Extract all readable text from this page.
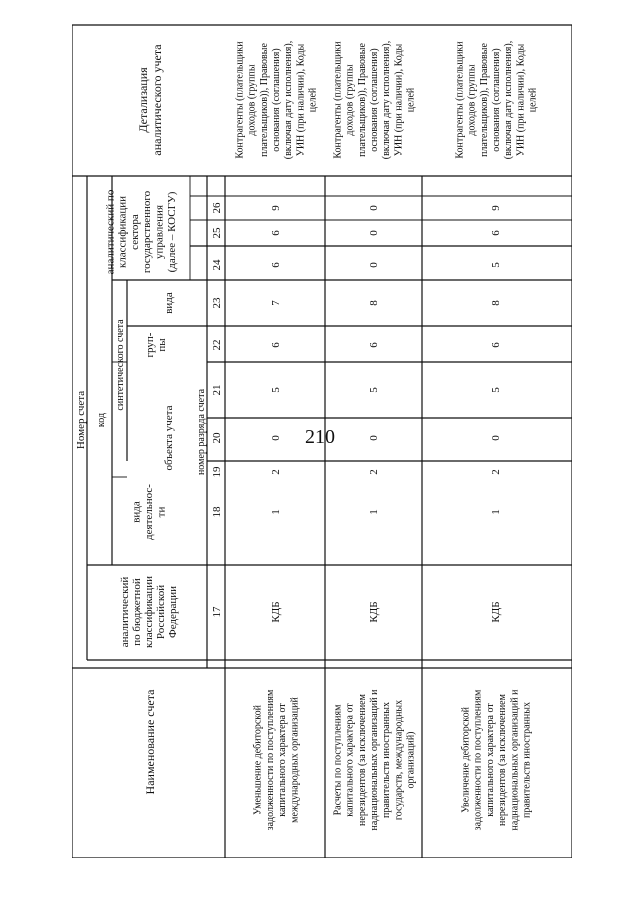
210
Наименование счета
Номер счета код
синтетического счета
аналитическийпо бюджетнойклассификацииРоссийскойФедерации
видадеятельнос-ти
объекта учета
груп-пы
вида
аналитический поклассификациисекторагосударственногоуправления(далее – КОСГУ)
номер разряда счета
Детализацияаналитического учета
17
18
19
20
21
22
23
24
25
26
Уменьшение дебиторскойзадолженности по поступлениямкапитального характера отмеждународных организаций
КДБ
1
2
0
5
6
7
6
6
9
Контрагенты (плательщикидоходов (группыплательщиков)), Правовыеоснования (соглашения)(включая дату исполнения),УИН (при наличии), Кодыцелей
Расчеты по поступлениямкапитального характера отнерезидентов (за исключениемнаднациональных организаций иправительств иностранныхгосударств, международныхорганизаций)
КДБ
1
2
0
5
6
8
0
0
0
Контрагенты (плательщикидоходов (группыплательщиков)), Правовыеоснования (соглашения)(включая дату исполнения),УИН (при наличии), Кодыцелей
Увеличение дебиторскойзадолженности по поступлениямкапитального характера отнерезидентов (за исключениемнаднациональных организаций иправительств иностранных
КДБ
1
2
0
5
6
8
5
6
9
Контрагенты (плательщикидоходов (группыплательщиков)), Правовыеоснования (соглашения)(включая дату исполнения),УИН (при наличии), Кодыцелей
